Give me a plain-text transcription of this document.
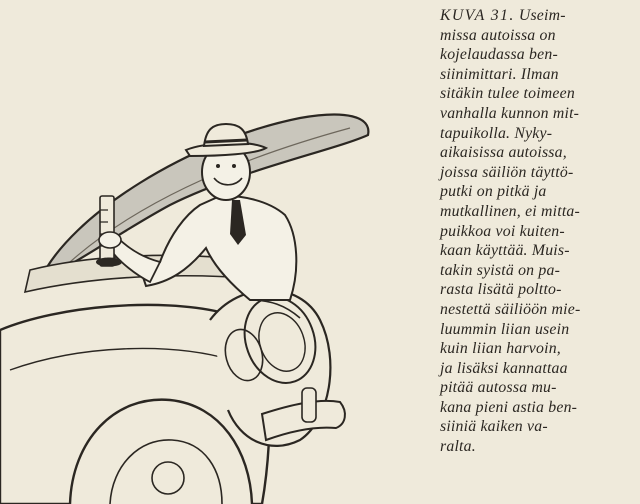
KUVA 31. Useim-
missa autoissa on
kojelaudassa ben-
siinimittari. Ilman
sitäkin tulee toimeen
vanhalla kunnon mit-
tapuikolla. Nyky-
aikaisissa autoissa,
joissa säiliön täyttö-
putki on pitkä ja
mutkallinen, ei mitta-
puikkoa voi kuiten-
kaan käyttää. Muis-
takin syistä on pa-
rasta lisätä poltto-
nestettä säiliöön mie-
luummin liian usein
kuin liian harvoin,
ja lisäksi kannattaa
pitää autossa mu-
kana pieni astia ben-
siiniä kaiken va-
ralta.
